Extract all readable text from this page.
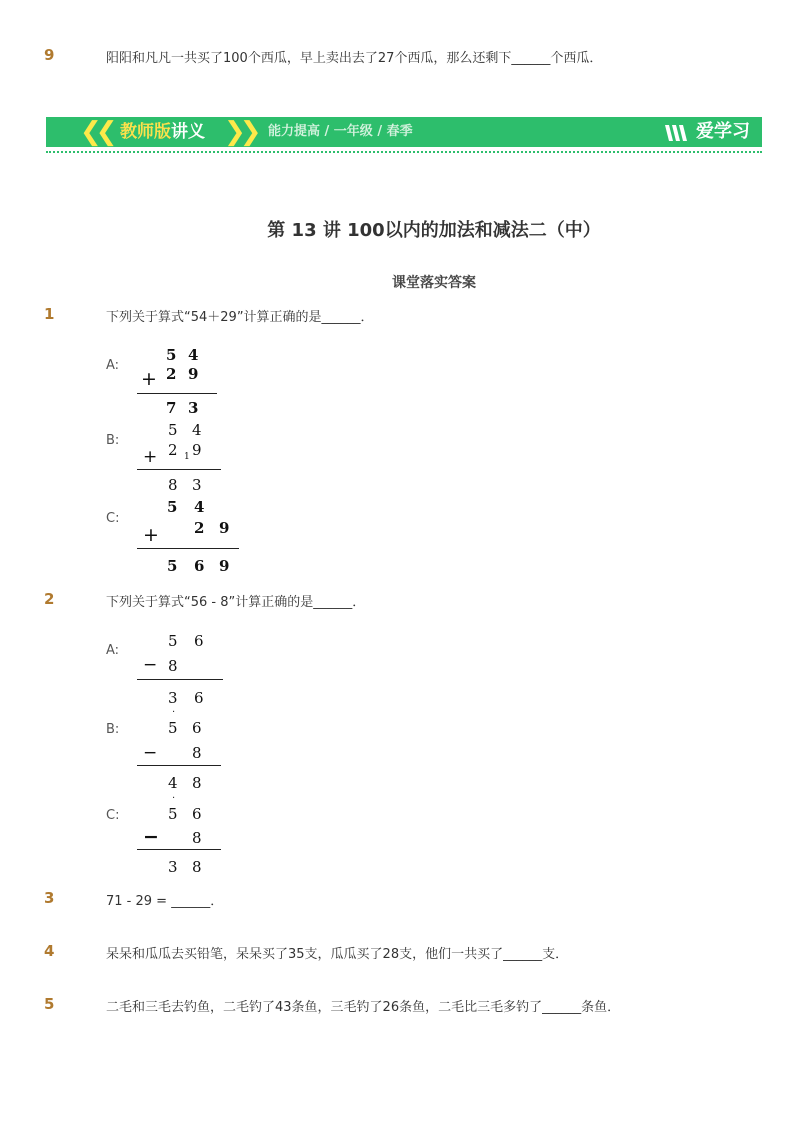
9	阳阳和凡凡一共买了100个西瓜，早上卖出去了27个西瓜，那么还剩下______个西瓜．
❮❮ 教师版讲义 ❯❯ 能力提高 / 一年级 / 春季	爱学习
第 13 讲 100以内的加法和减法二（中）
课堂落实答案
1	下列关于算式“54＋29”计算正确的是______．
A:
5 4
+ 2 9
7 3
B:
5 4
+ 2 1 9
8 3
C:
5 4
+ 2 9
5 6 9
2	下列关于算式“56 - 8”计算正确的是______．
A:
5 6
− 8
3 6
B:
·
5 6
− 8
4 8
C:
·
5 6
− 8
3 8
3	71 - 29 = ______．
4	呆呆和瓜瓜去买铅笔，呆呆买了35支，瓜瓜买了28支，他们一共买了______支．
5	二毛和三毛去钓鱼，二毛钓了43条鱼，三毛钓了26条鱼，二毛比三毛多钓了______条鱼．
